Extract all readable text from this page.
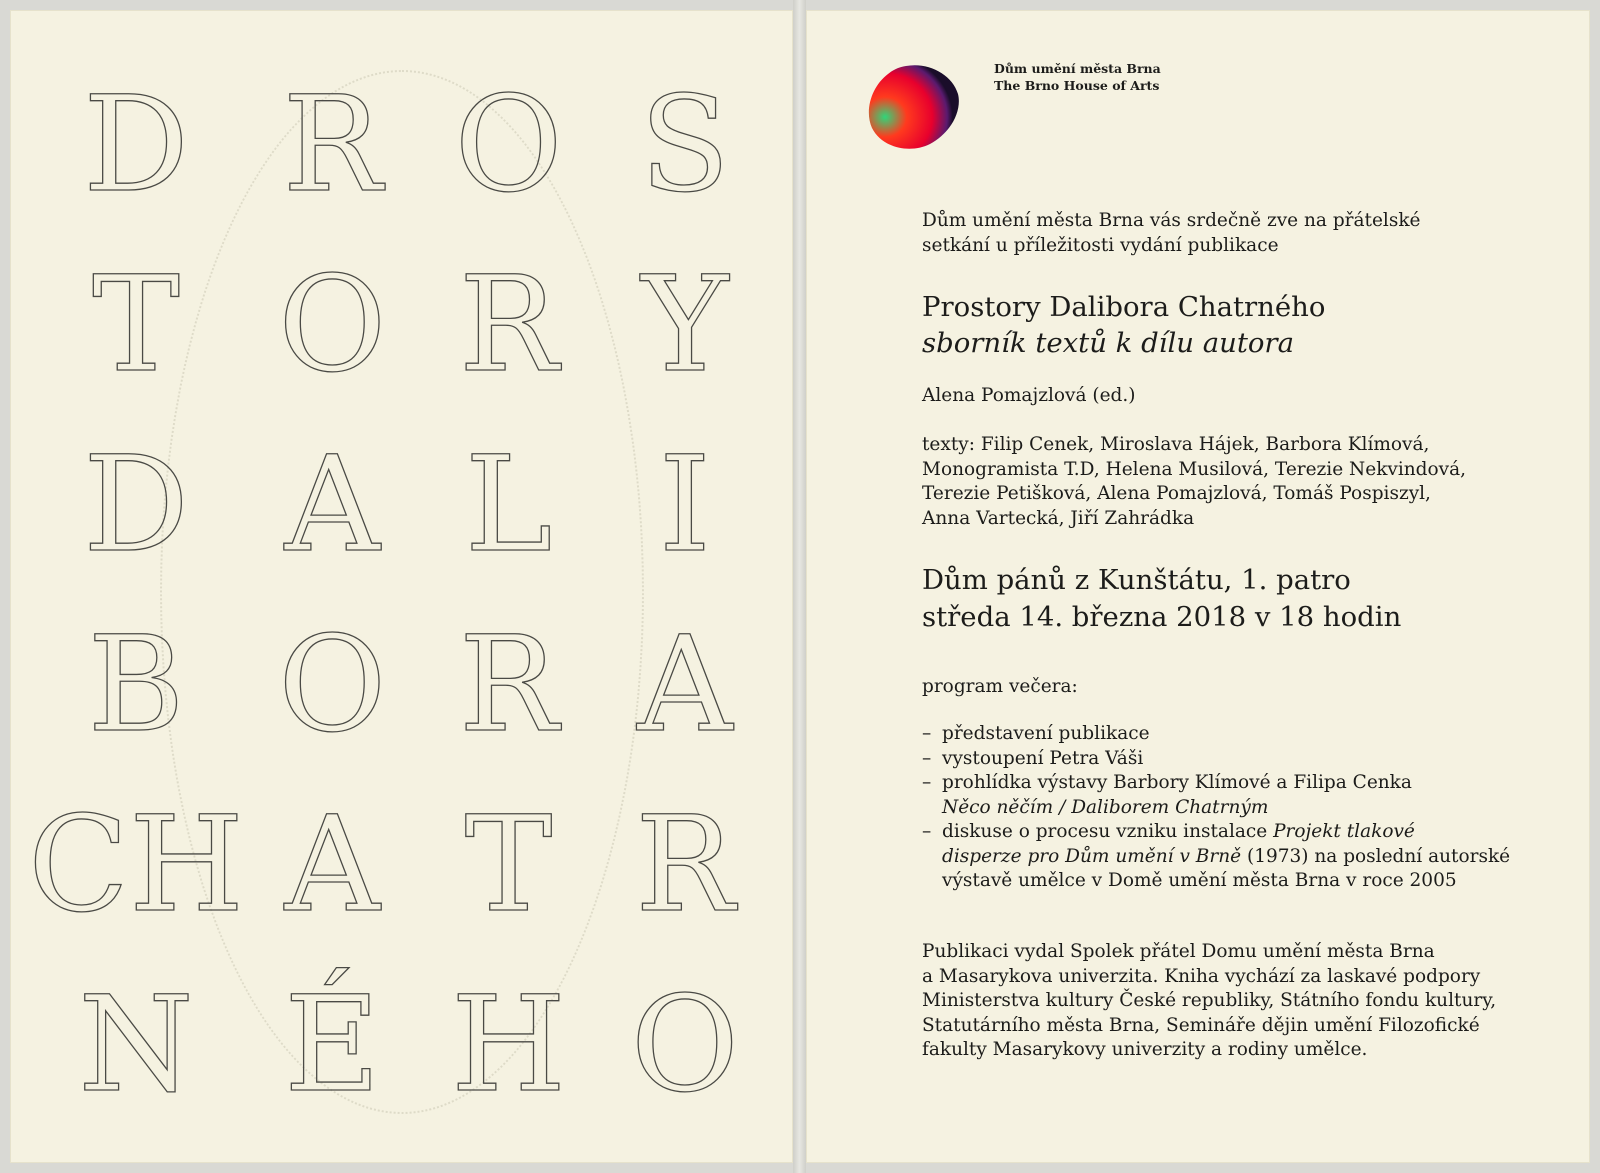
D R O S
T O R Y
D A L I
B O R A
CH A T R
N É H O
Dům umění města Brna
The Brno House of Arts
Dům umění města Brna vás srdečně zve na přátelské
setkání u příležitosti vydání publikace
Prostory Dalibora Chatrného
sborník textů k dílu autora
Alena Pomajzlová (ed.)
texty: Filip Cenek, Miroslava Hájek, Barbora Klímová,
Monogramista T.D, Helena Musilová, Terezie Nekvindová,
Terezie Petišková, Alena Pomajzlová, Tomáš Pospiszyl,
Anna Vartecká, Jiří Zahrádka
Dům pánů z Kunštátu, 1. patro
středa 14. března 2018 v 18 hodin
program večera:
– představení publikace
– vystoupení Petra Váši
– prohlídka výstavy Barbory Klímové a Filipa Cenka
Něco něčím / Daliborem Chatrným
– diskuse o procesu vzniku instalace Projekt tlakové
disperze pro Dům umění v Brně (1973) na poslední autorské
výstavě umělce v Domě umění města Brna v roce 2005
Publikaci vydal Spolek přátel Domu umění města Brna
a Masarykova univerzita. Kniha vychází za laskavé podpory
Ministerstva kultury České republiky, Státního fondu kultury,
Statutárního města Brna, Semináře dějin umění Filozofické
fakulty Masarykovy univerzity a rodiny umělce.
